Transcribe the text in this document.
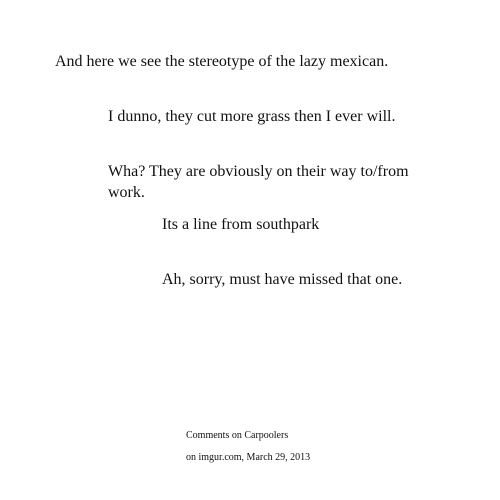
And here we see the stereotype of the lazy mexican.

I dunno, they cut more grass then I ever will.

Wha? They are obviously on their way to/from work.

Its a line from southpark

Ah, sorry, must have missed that one.

Comments on Carpoolers

on imgur.com, March 29, 2013
